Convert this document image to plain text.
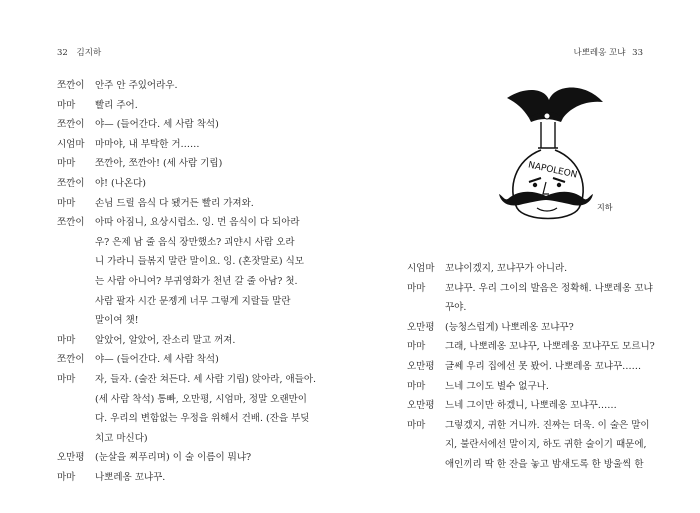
32 김지하
쪼깐이 안주 안 주있어라우.
마마 빨리 주어.
쪼깐이 야— (들어간다. 세 사람 착석)
시엄마 마마야, 내 부탁한 거……
마마 쪼깐아, 쪼깐아! (세 사람 기립)
쪼깐이 야! (나온다)
마마 손님 드릴 음식 다 됐거든 빨리 가져와.
쪼깐이 아따 아짐니, 요상시럽소. 잉. 먼 음식이 다 되아라
우? 은제 남 줄 음식 장만했소? 괴얀시 사람 오라
니 가라니 들볶지 말란 말이요. 잉. (혼잣말로) 식모
는 사람 아니여? 부귀영화가 천년 갈 줄 아남? 첫.
사람 팔자 시간 문젱게 너무 그렇게 지랄들 말란
말이여 챗!
마마 알았어, 알았어, 잔소리 말고 꺼져.
쪼깐이 야— (들어간다. 세 사람 착석)
마마 자, 들자. (술잔 쳐든다. 세 사람 기립) 앉아라, 애들아.
(세 사람 착석) 통빠, 오만평, 시엄마, 정말 오랜만이
다. 우리의 변함없는 우정을 위해서 건배. (잔을 부딪
치고 마신다)
오만평 (눈살을 찌푸리며) 이 술 이름이 뭐냐?
마마 나뽀레옹 꼬냐꾸.
나뽀레옹 꼬냐 33
NAPOLEON
지하
시엄마 꼬냐이겠지, 꼬냐꾸가 아니라.
마마 꼬냐꾸. 우리 그이의 발음은 정확해. 나뽀레옹 꼬냐
꾸야.
오만평 (능청스럽게) 나뽀레옹 꼬냐꾸?
마마 그래, 나뽀레옹 꼬냐꾸, 나뽀레옹 꼬냐꾸도 모르니?
오만평 글쎄 우리 집에선 못 봤어. 나뽀레옹 꼬냐꾸……
마마 느네 그이도 별수 없구나.
오만평 느네 그이만 하겠니, 나뽀레옹 꼬냐꾸……
마마 그렇겠지, 귀한 거니까. 진짜는 더욱. 이 술은 말이
지, 불란서에선 말이지, 하도 귀한 술이기 때문에,
애인끼리 딱 한 잔을 놓고 밤새도록 한 방울씩 한
